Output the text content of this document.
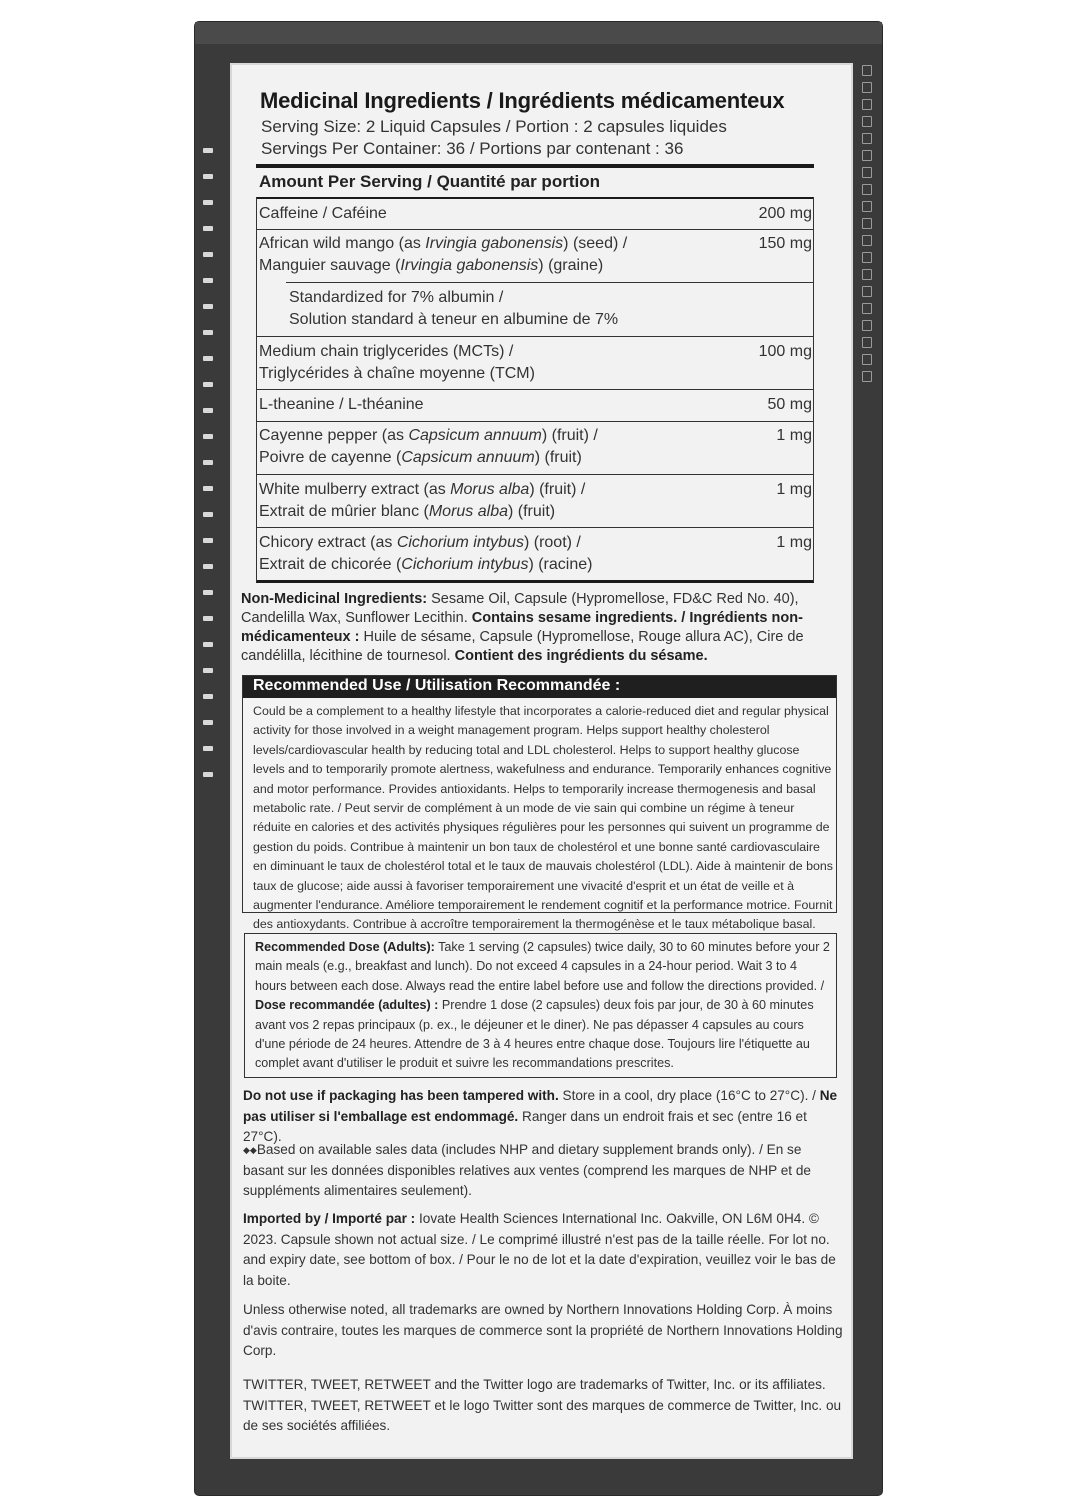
Medicinal Ingredients / Ingrédients médicamenteux
Serving Size: 2 Liquid Capsules / Portion : 2 capsules liquides
Servings Per Container: 36 / Portions par contenant : 36
Amount Per Serving / Quantité par portion
Caffeine / Caféine	200 mg
African wild mango (as Irvingia gabonensis) (seed) /
Manguier sauvage (Irvingia gabonensis) (graine)
150 mg
Standardized for 7% albumin /
Solution standard à teneur en albumine de 7%
Medium chain triglycerides (MCTs) /
Triglycérides à chaîne moyenne (TCM)
100 mg
L-theanine / L-théanine	50 mg
Cayenne pepper (as Capsicum annuum) (fruit) /
Poivre de cayenne (Capsicum annuum) (fruit)
1 mg
White mulberry extract (as Morus alba) (fruit) /
Extrait de mûrier blanc (Morus alba) (fruit)
1 mg
Chicory extract (as Cichorium intybus) (root) /
Extrait de chicorée (Cichorium intybus) (racine)
1 mg
Non-Medicinal Ingredients: Sesame Oil, Capsule (Hypromellose, FD&C Red No. 40), Candelilla Wax, Sunflower Lecithin. Contains sesame ingredients. / Ingrédients non-médicamenteux : Huile de sésame, Capsule (Hypromellose, Rouge allura AC), Cire de candélilla, lécithine de tournesol. Contient des ingrédients du sésame.
Recommended Use / Utilisation Recommandée :
Could be a complement to a healthy lifestyle that incorporates a calorie-reduced diet and regular physical activity for those involved in a weight management program. Helps support healthy cholesterol levels/cardiovascular health by reducing total and LDL cholesterol. Helps to support healthy glucose levels and to temporarily promote alertness, wakefulness and endurance. Temporarily enhances cognitive and motor performance. Provides antioxidants. Helps to temporarily increase thermogenesis and basal metabolic rate. / Peut servir de complément à un mode de vie sain qui combine un régime à teneur réduite en calories et des activités physiques régulières pour les personnes qui suivent un programme de gestion du poids. Contribue à maintenir un bon taux de cholestérol et une bonne santé cardiovasculaire en diminuant le taux de cholestérol total et le taux de mauvais cholestérol (LDL). Aide à maintenir de bons taux de glucose; aide aussi à favoriser temporairement une vivacité d'esprit et un état de veille et à augmenter l'endurance. Améliore temporairement le rendement cognitif et la performance motrice. Fournit des antioxydants. Contribue à accroître temporairement la thermogénèse et le taux métabolique basal.
Recommended Dose (Adults): Take 1 serving (2 capsules) twice daily, 30 to 60 minutes before your 2 main meals (e.g., breakfast and lunch). Do not exceed 4 capsules in a 24-hour period. Wait 3 to 4 hours between each dose. Always read the entire label before use and follow the directions provided. / Dose recommandée (adultes) : Prendre 1 dose (2 capsules) deux fois par jour, de 30 à 60 minutes avant vos 2 repas principaux (p. ex., le déjeuner et le diner). Ne pas dépasser 4 capsules au cours d'une période de 24 heures. Attendre de 3 à 4 heures entre chaque dose. Toujours lire l'étiquette au complet avant d'utiliser le produit et suivre les recommandations prescrites.
Do not use if packaging has been tampered with. Store in a cool, dry place (16°C to 27°C). / Ne pas utiliser si l'emballage est endommagé. Ranger dans un endroit frais et sec (entre 16 et 27°C).
◆◆Based on available sales data (includes NHP and dietary supplement brands only). / En se basant sur les données disponibles relatives aux ventes (comprend les marques de NHP et de suppléments alimentaires seulement).
Imported by / Importé par : Iovate Health Sciences International Inc. Oakville, ON L6M 0H4. © 2023. Capsule shown not actual size. / Le comprimé illustré n'est pas de la taille réelle. For lot no. and expiry date, see bottom of box. / Pour le no de lot et la date d'expiration, veuillez voir le bas de la boite.
Unless otherwise noted, all trademarks are owned by Northern Innovations Holding Corp. À moins d'avis contraire, toutes les marques de commerce sont la propriété de Northern Innovations Holding Corp.
TWITTER, TWEET, RETWEET and the Twitter logo are trademarks of Twitter, Inc. or its affiliates. TWITTER, TWEET, RETWEET et le logo Twitter sont des marques de commerce de Twitter, Inc. ou de ses sociétés affiliées.
